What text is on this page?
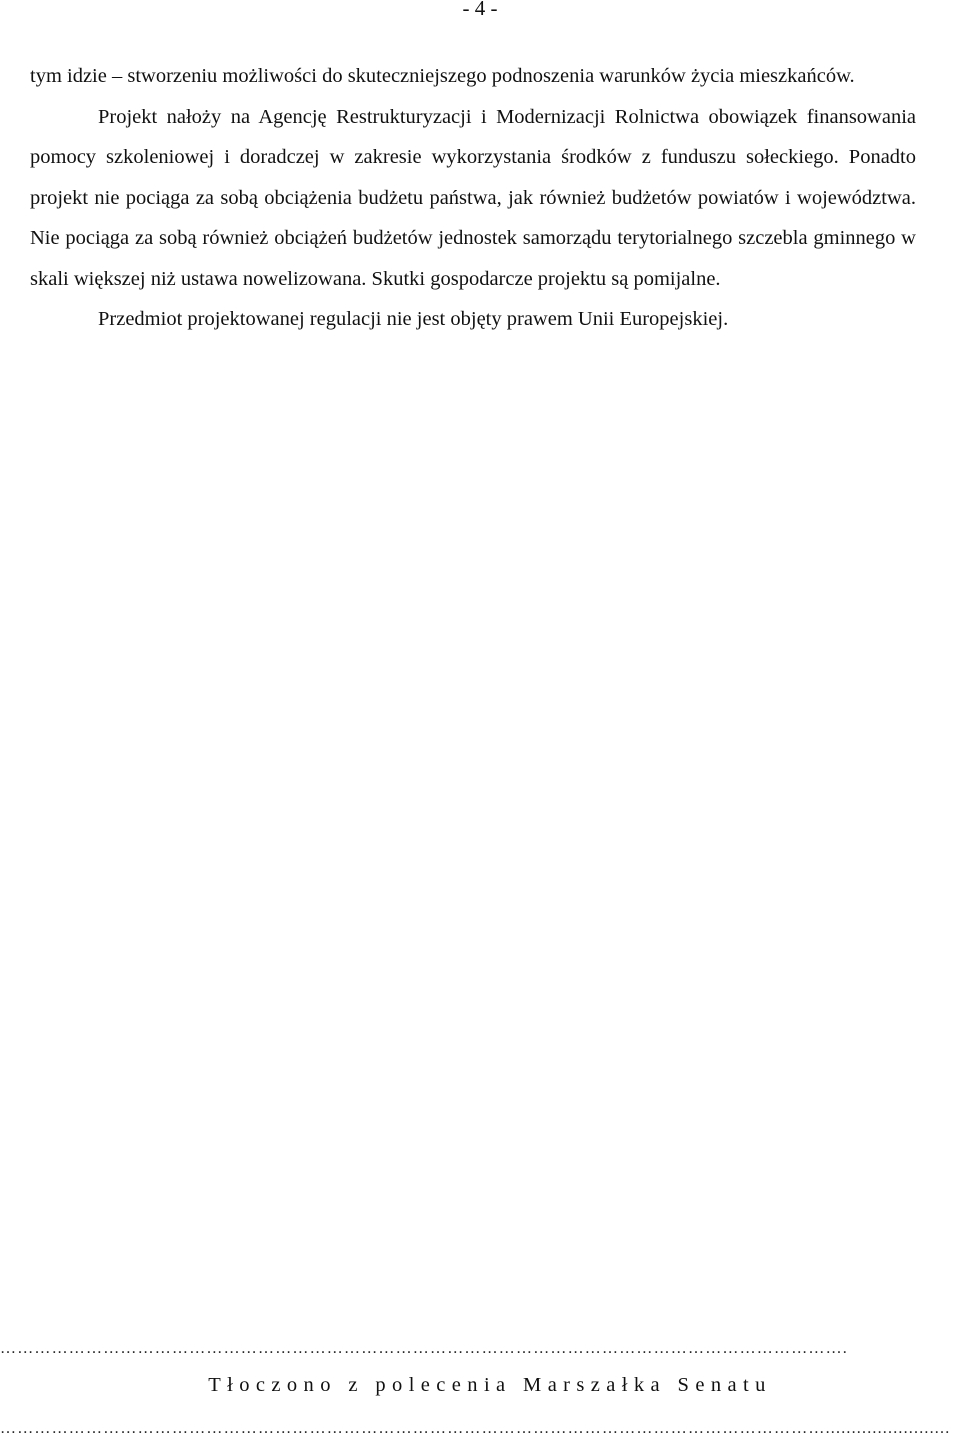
- 4 -

tym idzie – stworzeniu możliwości do skuteczniejszego podnoszenia warunków życia mieszkańców.

Projekt nałoży na Agencję Restrukturyzacji i Modernizacji Rolnictwa obowiązek finansowania pomocy szkoleniowej i doradczej w zakresie wykorzystania środków z funduszu sołeckiego. Ponadto projekt nie pociąga za sobą obciążenia budżetu państwa, jak również budżetów powiatów i województwa. Nie pociąga za sobą również obciążeń budżetów jednostek samorządu terytorialnego szczebla gminnego w skali większej niż ustawa nowelizowana. Skutki gospodarcze projektu są pomijalne.

Przedmiot projektowanej regulacji nie jest objęty prawem Unii Europejskiej.

………………………………………………………………………………………………………………………………….
Tłoczono z polecenia Marszałka Senatu
………………………………………………………………………………………………………………………………........................
